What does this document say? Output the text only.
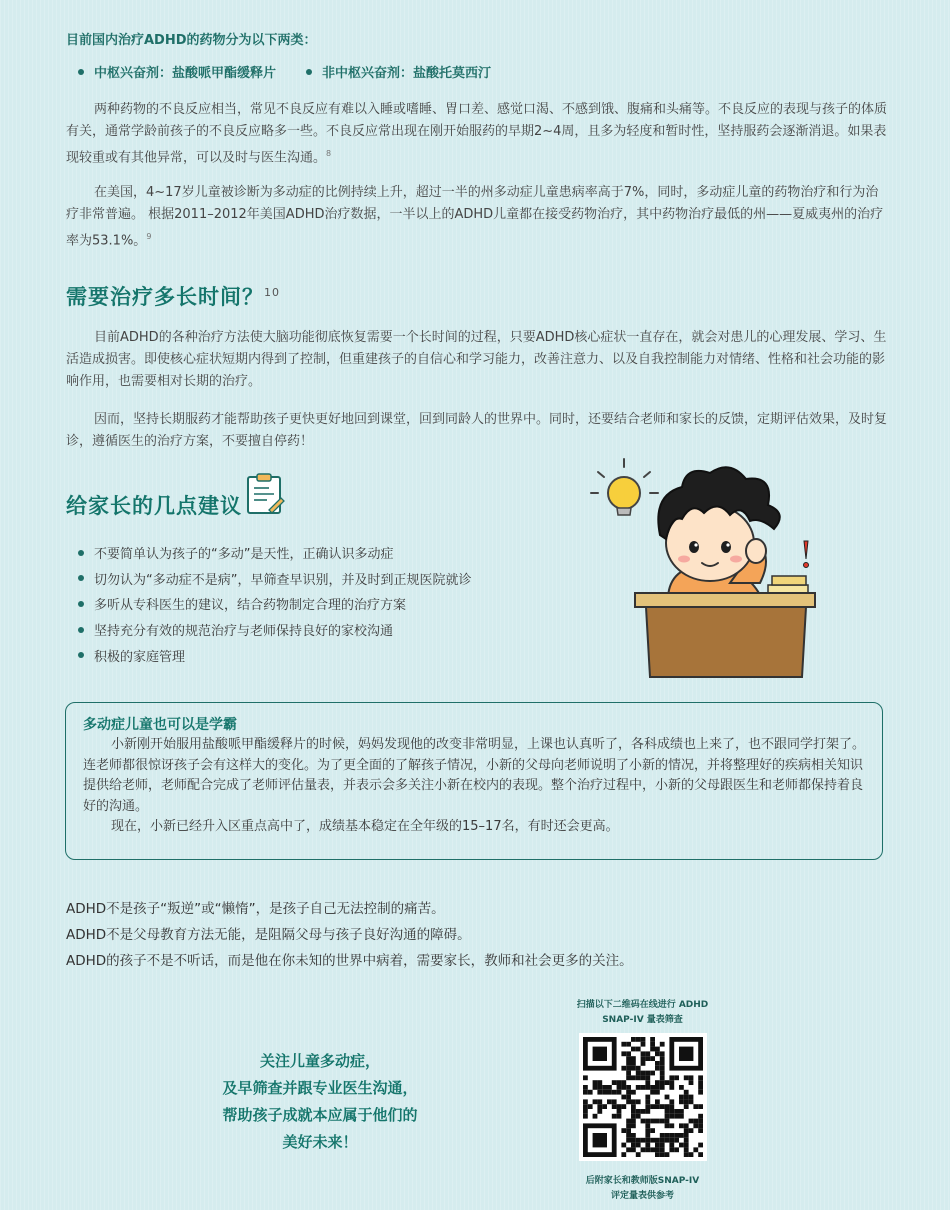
目前国内治疗ADHD的药物分为以下两类：
中枢兴奋剂：盐酸哌甲酯缓释片	非中枢兴奋剂：盐酸托莫西汀

两种药物的不良反应相当，常见不良反应有难以入睡或嗜睡、胃口差、感觉口渴、不感到饿、腹痛和头痛等。不良反应的表现与孩子的体质有关，通常学龄前孩子的不良反应略多一些。不良反应常出现在刚开始服药的早期2~4周，且多为轻度和暂时性，坚持服药会逐渐消退。如果表现较重或有其他异常，可以及时与医生沟通。$^8$

在美国，4~17岁儿童被诊断为多动症的比例持续上升，超过一半的州多动症儿童患病率高于7%，同时，多动症儿童的药物治疗和行为治疗非常普遍。 根据2011–2012年美国ADHD治疗数据，一半以上的ADHD儿童都在接受药物治疗，其中药物治疗最低的州——夏威夷州的治疗率为53.1%。$^9$

需要治疗多长时间？$^{10}$

目前ADHD的各种治疗方法使大脑功能彻底恢复需要一个长时间的过程，只要ADHD核心症状一直存在，就会对患儿的心理发展、学习、生活造成损害。即使核心症状短期内得到了控制，但重建孩子的自信心和学习能力，改善注意力、以及自我控制能力对情绪、性格和社会功能的影响作用，也需要相对长期的治疗。

因而，坚持长期服药才能帮助孩子更快更好地回到课堂，回到同龄人的世界中。同时，还要结合老师和家长的反馈，定期评估效果，及时复诊，遵循医生的治疗方案，不要擅自停药！

给家长的几点建议
不要简单认为孩子的“多动”是天性，正确认识多动症
切勿认为“多动症不是病”，早筛查早识别，并及时到正规医院就诊
多听从专科医生的建议，结合药物制定合理的治疗方案
坚持充分有效的规范治疗与老师保持良好的家校沟通
积极的家庭管理

多动症儿童也可以是学霸

小新刚开始服用盐酸哌甲酯缓释片的时候，妈妈发现他的改变非常明显，上课也认真听了，各科成绩也上来了，也不跟同学打架了。连老师都很惊讶孩子会有这样大的变化。为了更全面的了解孩子情况，小新的父母向老师说明了小新的情况，并将整理好的疾病相关知识提供给老师，老师配合完成了老师评估量表，并表示会多关注小新在校内的表现。整个治疗过程中，小新的父母跟医生和老师都保持着良好的沟通。

现在，小新已经升入区重点高中了，成绩基本稳定在全年级的15–17名，有时还会更高。

ADHD不是孩子“叛逆”或“懒惰”，是孩子自己无法控制的痛苦。
ADHD不是父母教育方法无能，是阻隔父母与孩子良好沟通的障碍。
ADHD的孩子不是不听话，而是他在你未知的世界中病着，需要家长，教师和社会更多的关注。
关注儿童多动症，
及早筛查并跟专业医生沟通，
帮助孩子成就本应属于他们的
美好未来！
扫描以下二维码在线进行 ADHD
SNAP-IV 量表筛查
后附家长和教师版SNAP-IV
评定量表供参考
